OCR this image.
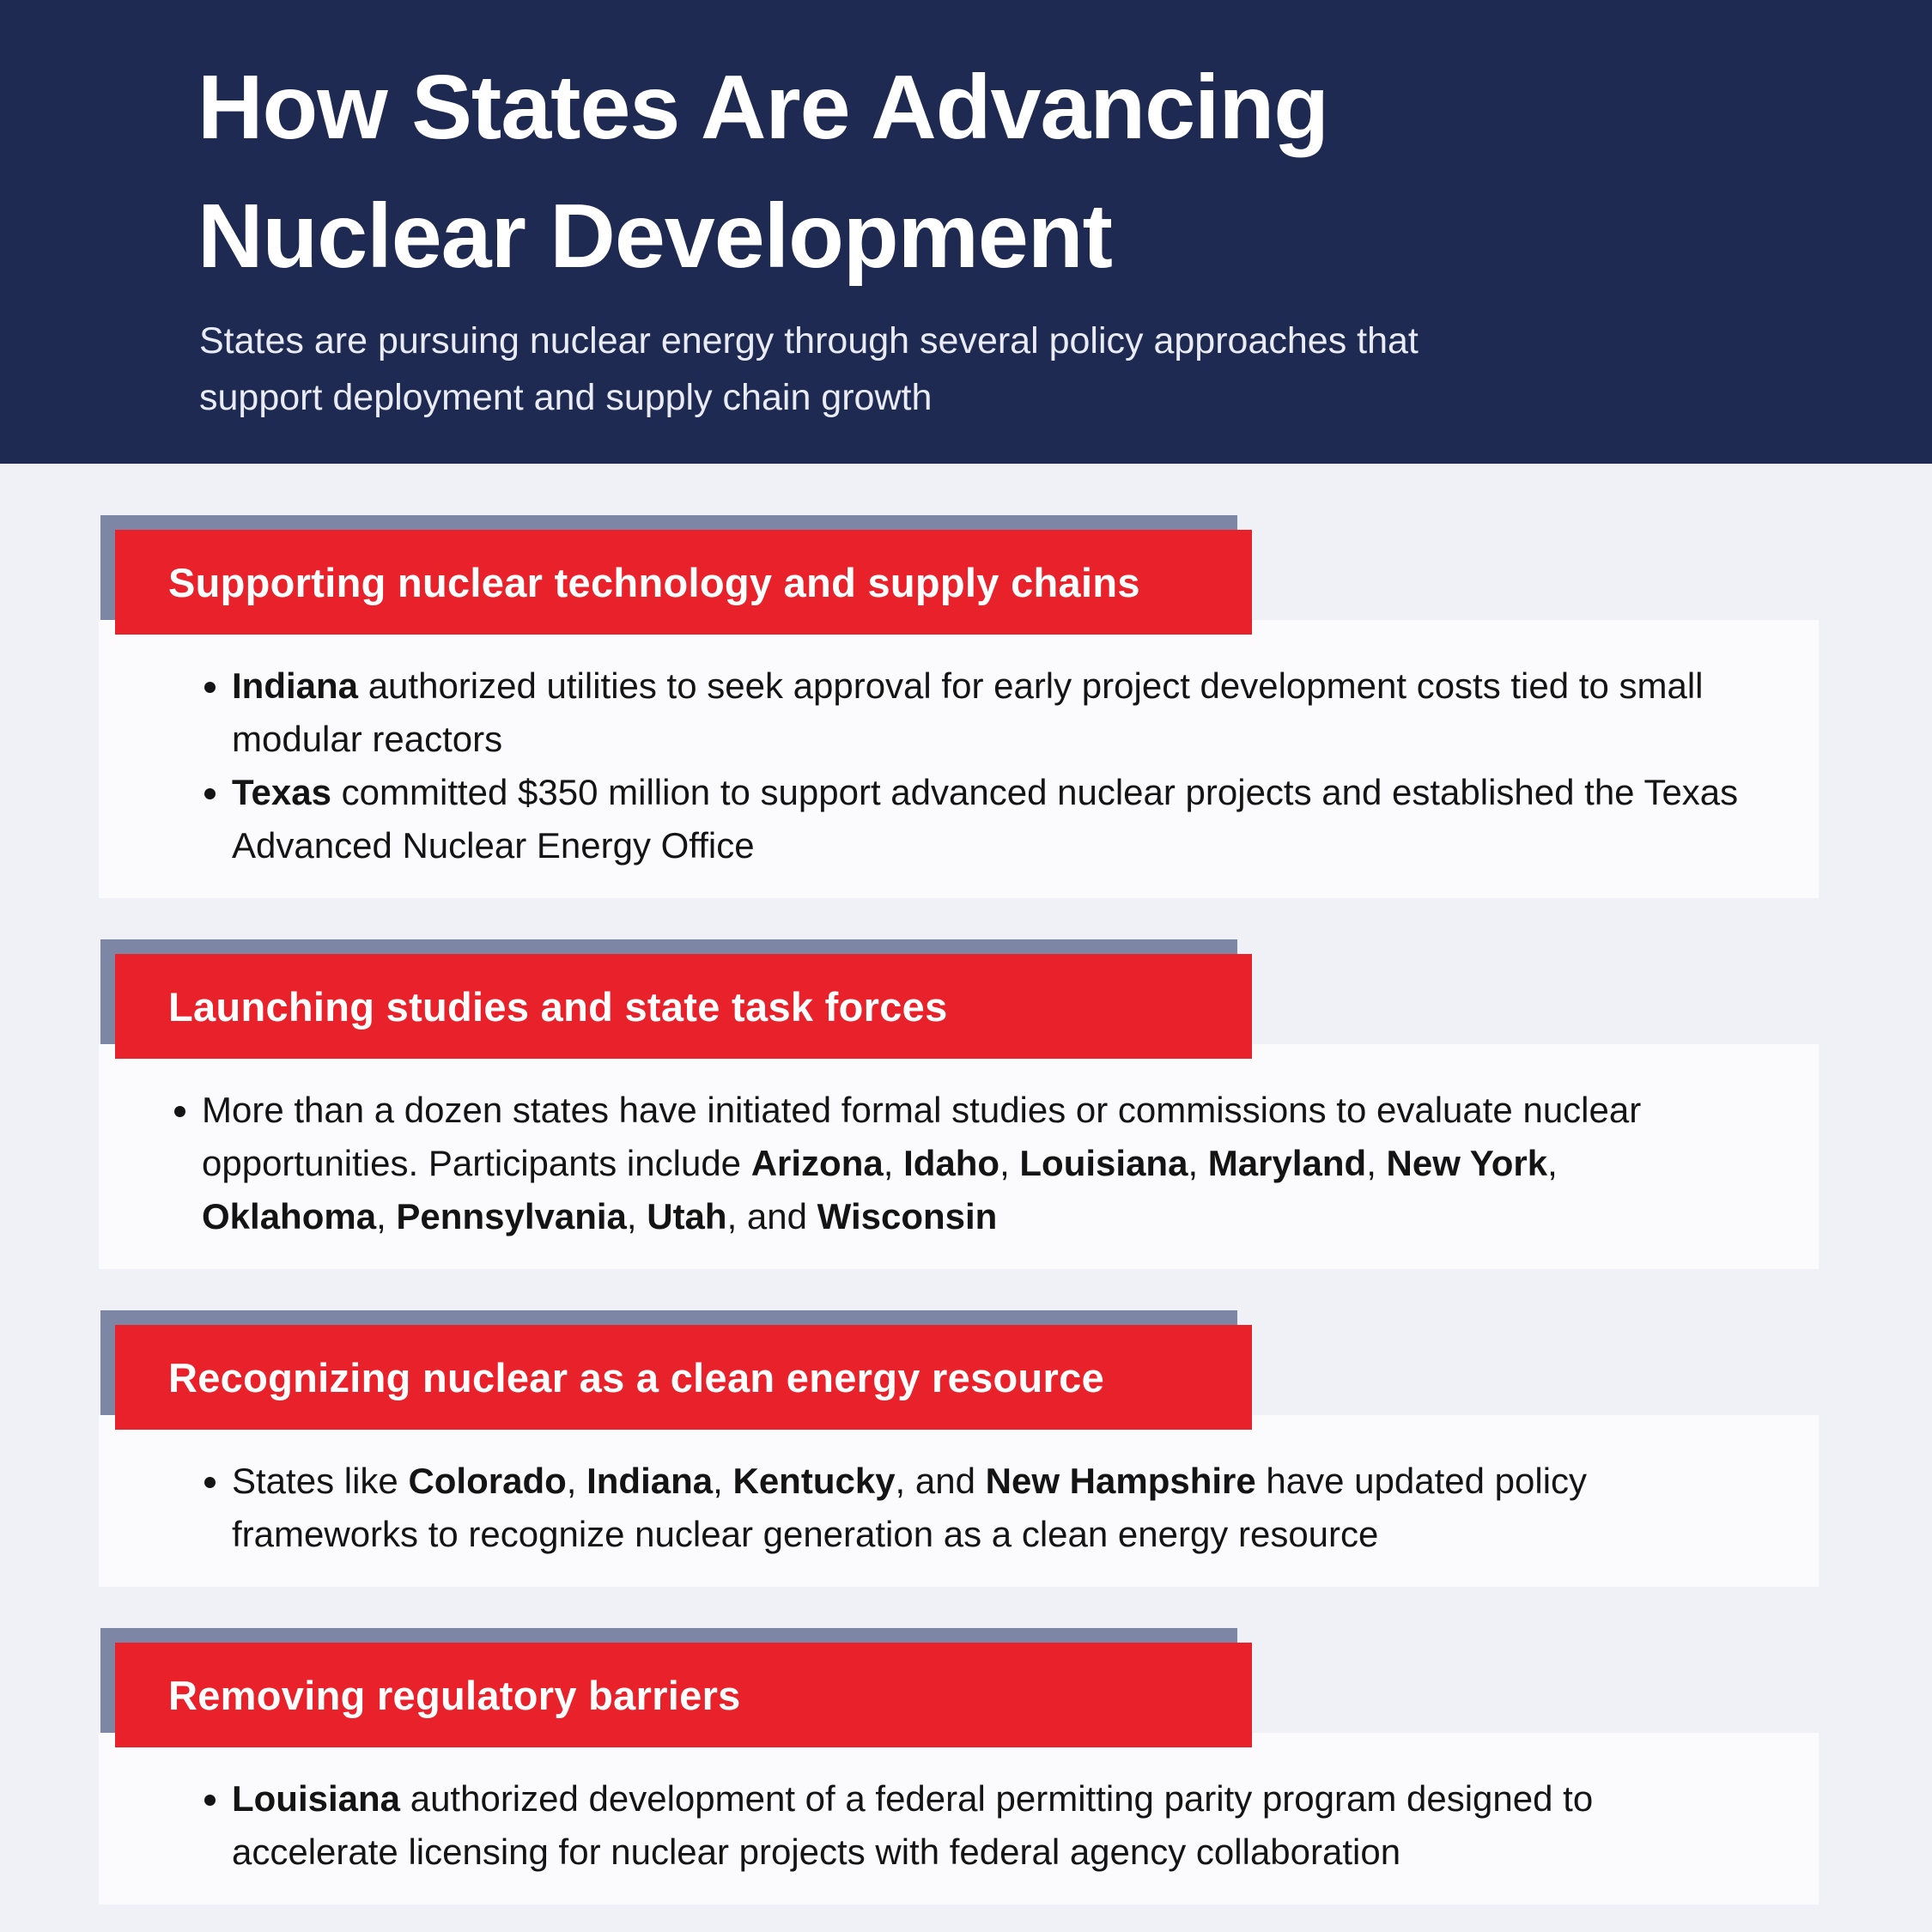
How States Are Advancing
Nuclear Development

States are pursuing nuclear energy through several policy approaches that support deployment and supply chain growth

Supporting nuclear technology and supply chains
• Indiana authorized utilities to seek approval for early project development costs tied to small modular reactors
• Texas committed $350 million to support advanced nuclear projects and established the Texas Advanced Nuclear Energy Office
Launching studies and state task forces
• More than a dozen states have initiated formal studies or commissions to evaluate nuclear opportunities. Participants include Arizona, Idaho, Louisiana, Maryland, New York, Oklahoma, Pennsylvania, Utah, and Wisconsin
Recognizing nuclear as a clean energy resource
• States like Colorado, Indiana, Kentucky, and New Hampshire have updated policy frameworks to recognize nuclear generation as a clean energy resource
Removing regulatory barriers
• Louisiana authorized development of a federal permitting parity program designed to accelerate licensing for nuclear projects with federal agency collaboration
